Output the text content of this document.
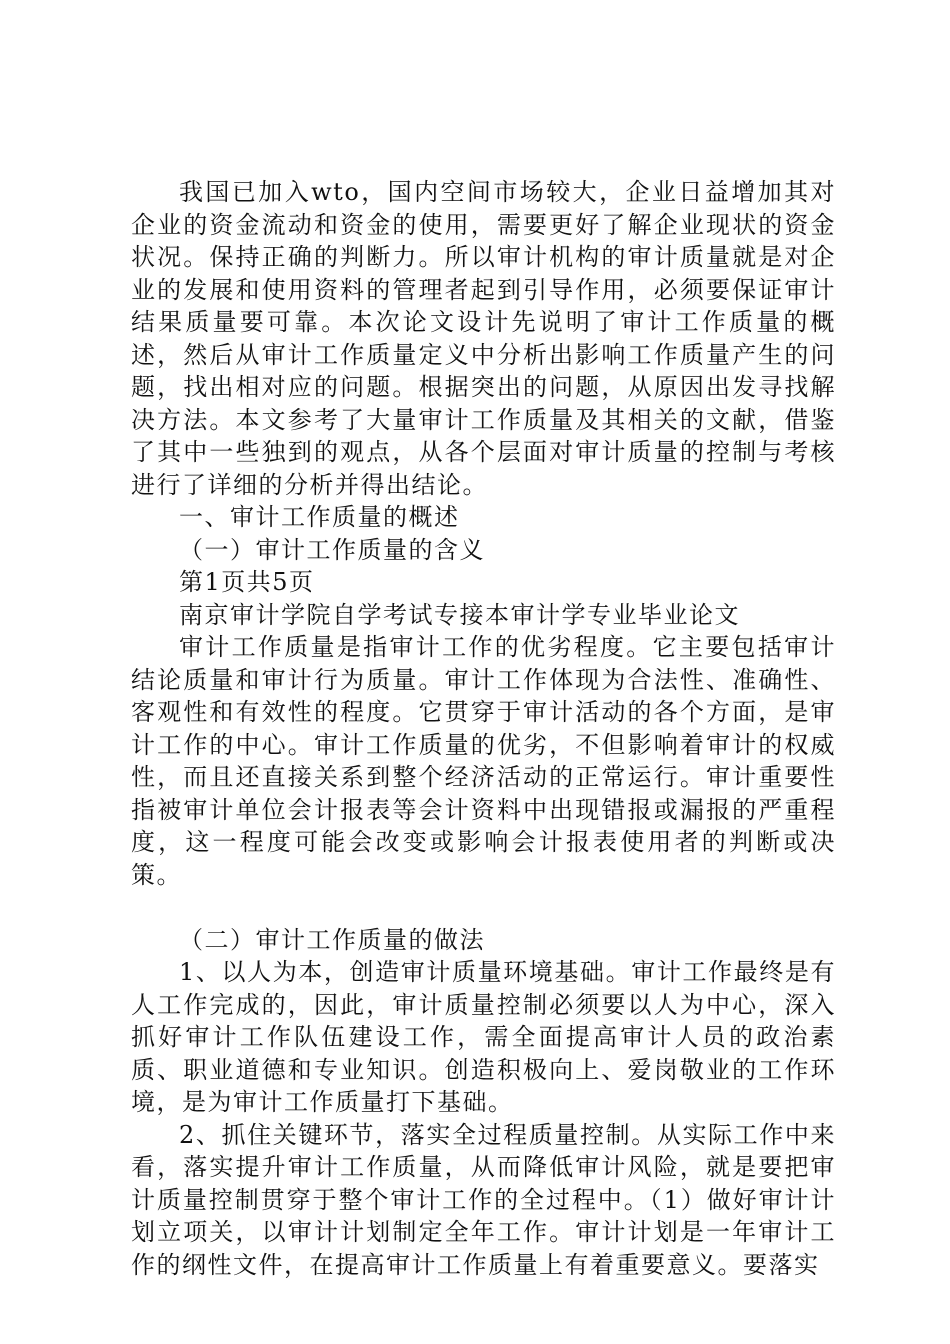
我国已加入wto，国内空间市场较大，企业日益增加其对企业的资金流动和资金的使用，需要更好了解企业现状的资金状况。保持正确的判断力。所以审计机构的审计质量就是对企业的发展和使用资料的管理者起到引导作用，必须要保证审计结果质量要可靠。本次论文设计先说明了审计工作质量的概述，然后从审计工作质量定义中分析出影响工作质量产生的问题，找出相对应的问题。根据突出的问题，从原因出发寻找解决方法。本文参考了大量审计工作质量及其相关的文献，借鉴了其中一些独到的观点，从各个层面对审计质量的控制与考核进行了详细的分析并得出结论。

一、审计工作质量的概述

（一）审计工作质量的含义

第1页共5页

南京审计学院自学考试专接本审计学专业毕业论文

审计工作质量是指审计工作的优劣程度。它主要包括审计结论质量和审计行为质量。审计工作体现为合法性、准确性、客观性和有效性的程度。它贯穿于审计活动的各个方面，是审计工作的中心。审计工作质量的优劣，不但影响着审计的权威性，而且还直接关系到整个经济活动的正常运行。审计重要性指被审计单位会计报表等会计资料中出现错报或漏报的严重程度，这一程度可能会改变或影响会计报表使用者的判断或决策。

（二）审计工作质量的做法

1、以人为本，创造审计质量环境基础。审计工作最终是有人工作完成的，因此，审计质量控制必须要以人为中心，深入抓好审计工作队伍建设工作，需全面提高审计人员的政治素质、职业道德和专业知识。创造积极向上、爱岗敬业的工作环境，是为审计工作质量打下基础。

2、抓住关键环节，落实全过程质量控制。从实际工作中来看，落实提升审计工作质量，从而降低审计风险，就是要把审计质量控制贯穿于整个审计工作的全过程中。（1）做好审计计划立项关，以审计计划制定全年工作。审计计划是一年审计工作的纲性文件，在提高审计工作质量上有着重要意义。要落实
